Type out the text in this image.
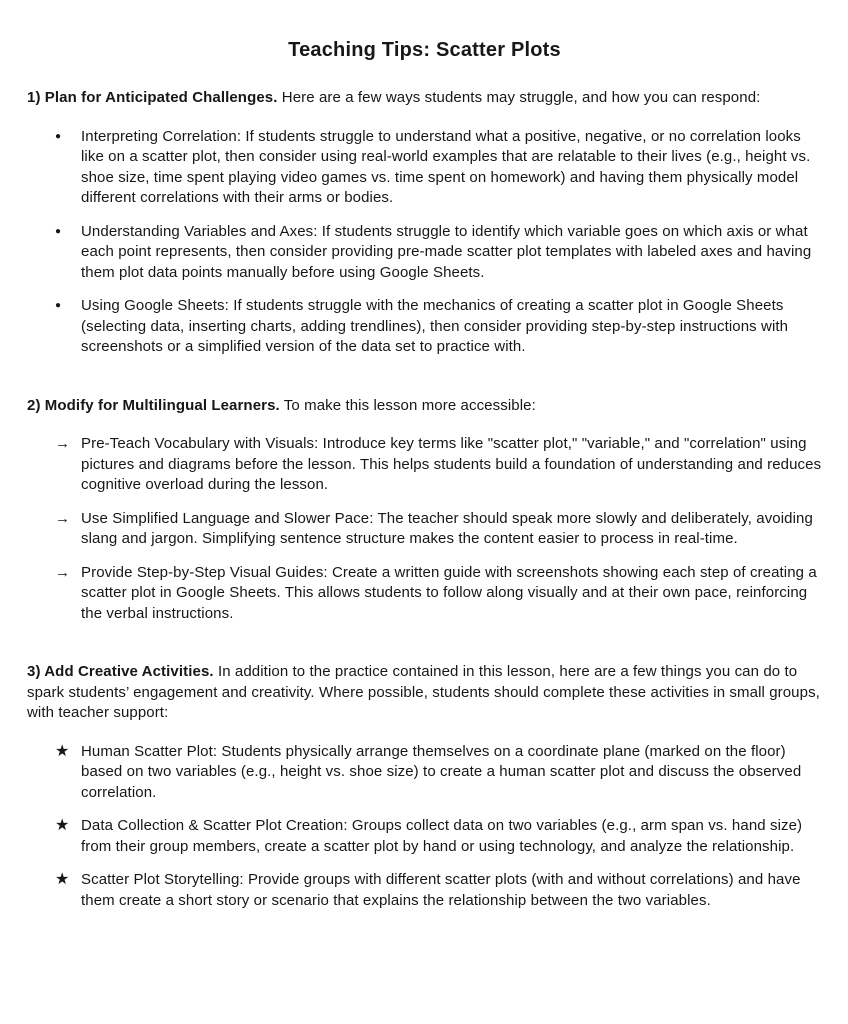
Teaching Tips: Scatter Plots

1) Plan for Anticipated Challenges. Here are a few ways students may struggle, and how you can respond:

●	Interpreting Correlation: If students struggle to understand what a positive, negative, or no correlation looks like on a scatter plot, then consider using real-world examples that are relatable to their lives (e.g., height vs. shoe size, time spent playing video games vs. time spent on homework) and having them physically model different correlations with their arms or bodies.
●	Understanding Variables and Axes: If students struggle to identify which variable goes on which axis or what each point represents, then consider providing pre-made scatter plot templates with labeled axes and having them plot data points manually before using Google Sheets.
●	Using Google Sheets: If students struggle with the mechanics of creating a scatter plot in Google Sheets (selecting data, inserting charts, adding trendlines), then consider providing step-by-step instructions with screenshots or a simplified version of the data set to practice with.

2) Modify for Multilingual Learners. To make this lesson more accessible:

→ Pre-Teach Vocabulary with Visuals: Introduce key terms like "scatter plot," "variable," and "correlation" using pictures and diagrams before the lesson. This helps students build a foundation of understanding and reduces cognitive overload during the lesson.
→ Use Simplified Language and Slower Pace: The teacher should speak more slowly and deliberately, avoiding slang and jargon. Simplifying sentence structure makes the content easier to process in real-time.
→ Provide Step-by-Step Visual Guides: Create a written guide with screenshots showing each step of creating a scatter plot in Google Sheets. This allows students to follow along visually and at their own pace, reinforcing the verbal instructions.

3) Add Creative Activities. In addition to the practice contained in this lesson, here are a few things you can do to spark students’ engagement and creativity. Where possible, students should complete these activities in small groups, with teacher support:

★ Human Scatter Plot: Students physically arrange themselves on a coordinate plane (marked on the floor) based on two variables (e.g., height vs. shoe size) to create a human scatter plot and discuss the observed correlation.
★ Data Collection & Scatter Plot Creation: Groups collect data on two variables (e.g., arm span vs. hand size) from their group members, create a scatter plot by hand or using technology, and analyze the relationship.
★ Scatter Plot Storytelling: Provide groups with different scatter plots (with and without correlations) and have them create a short story or scenario that explains the relationship between the two variables.
